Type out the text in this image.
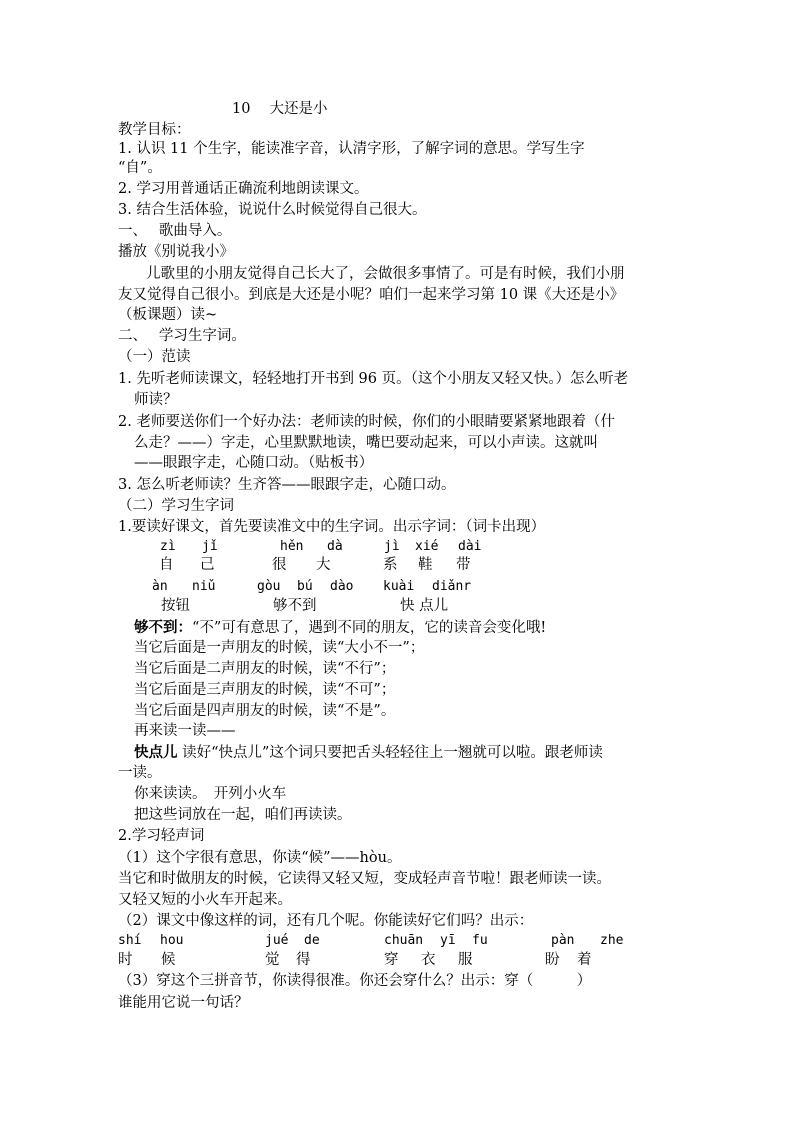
10　 大还是小
教学目标：
1. 认识 11 个生字，能读准字音，认清字形，了解字词的意思。学写生字
“自”。
2. 学习用普通话正确流利地朗读课文。
3. 结合生活体验，说说什么时候觉得自己很大。
一、　 歌曲导入。
播放《别说我小》
儿歌里的小朋友觉得自己长大了，会做很多事情了。可是有时候，我们小朋
友又觉得自己很小。到底是大还是小呢？咱们一起来学习第 10 课《大还是小》
（板课题）读~
二、　 学习生字词。
（一）范读
1. 先听老师读课文，轻轻地打开书到 96 页。（这个小朋友又轻又快。）怎么听老
师读？
2. 老师要送你们一个好办法：老师读的时候，你们的小眼睛要紧紧地跟着（什
么走？——）字走，心里默默地读，嘴巴要动起来，可以小声读。这就叫
——眼跟字走，心随口动。（贴板书）
3. 怎么听老师读？生齐答——眼跟字走，心随口动。
（二）学习生字词
1.要读好课文，首先要读准文中的生字词。出示字词：（词卡出现）
zì jǐ	hěn dà	jì xié dài
自 己	很 大	系 鞋 带
àn niǔ	gòu bú dào kuài diǎnr
按钮	够不到	快 点儿
够不到：“不”可有意思了，遇到不同的朋友，它的读音会变化哦!
当它后面是一声朋友的时候，读“大小不一”；
当它后面是二声朋友的时候，读“不行”；
当它后面是三声朋友的时候，读“不可”；
当它后面是四声朋友的时候，读“不是”。
再来读一读——
快点儿 读好“快点儿”这个词只要把舌头轻轻往上一翘就可以啦。跟老师读
一读。
你来读读。　开列小火车
把这些词放在一起，咱们再读读。
2.学习轻声词
（1）这个字很有意思，你读“候”——hòu。
当它和时做朋友的时候，它读得又轻又短，变成轻声音节啦！跟老师读一读。
又轻又短的小火车开起来。
（2）课文中像这样的词，还有几个呢。你能读好它们吗？出示：
shí hou	jué de	chuān yī fu	pàn zhe
时 候	觉 得	穿 衣 服	盼 着
（3）穿这个三拼音节，你读得很准。你还会穿什么？出示：穿（　　　）
谁能用它说一句话？
